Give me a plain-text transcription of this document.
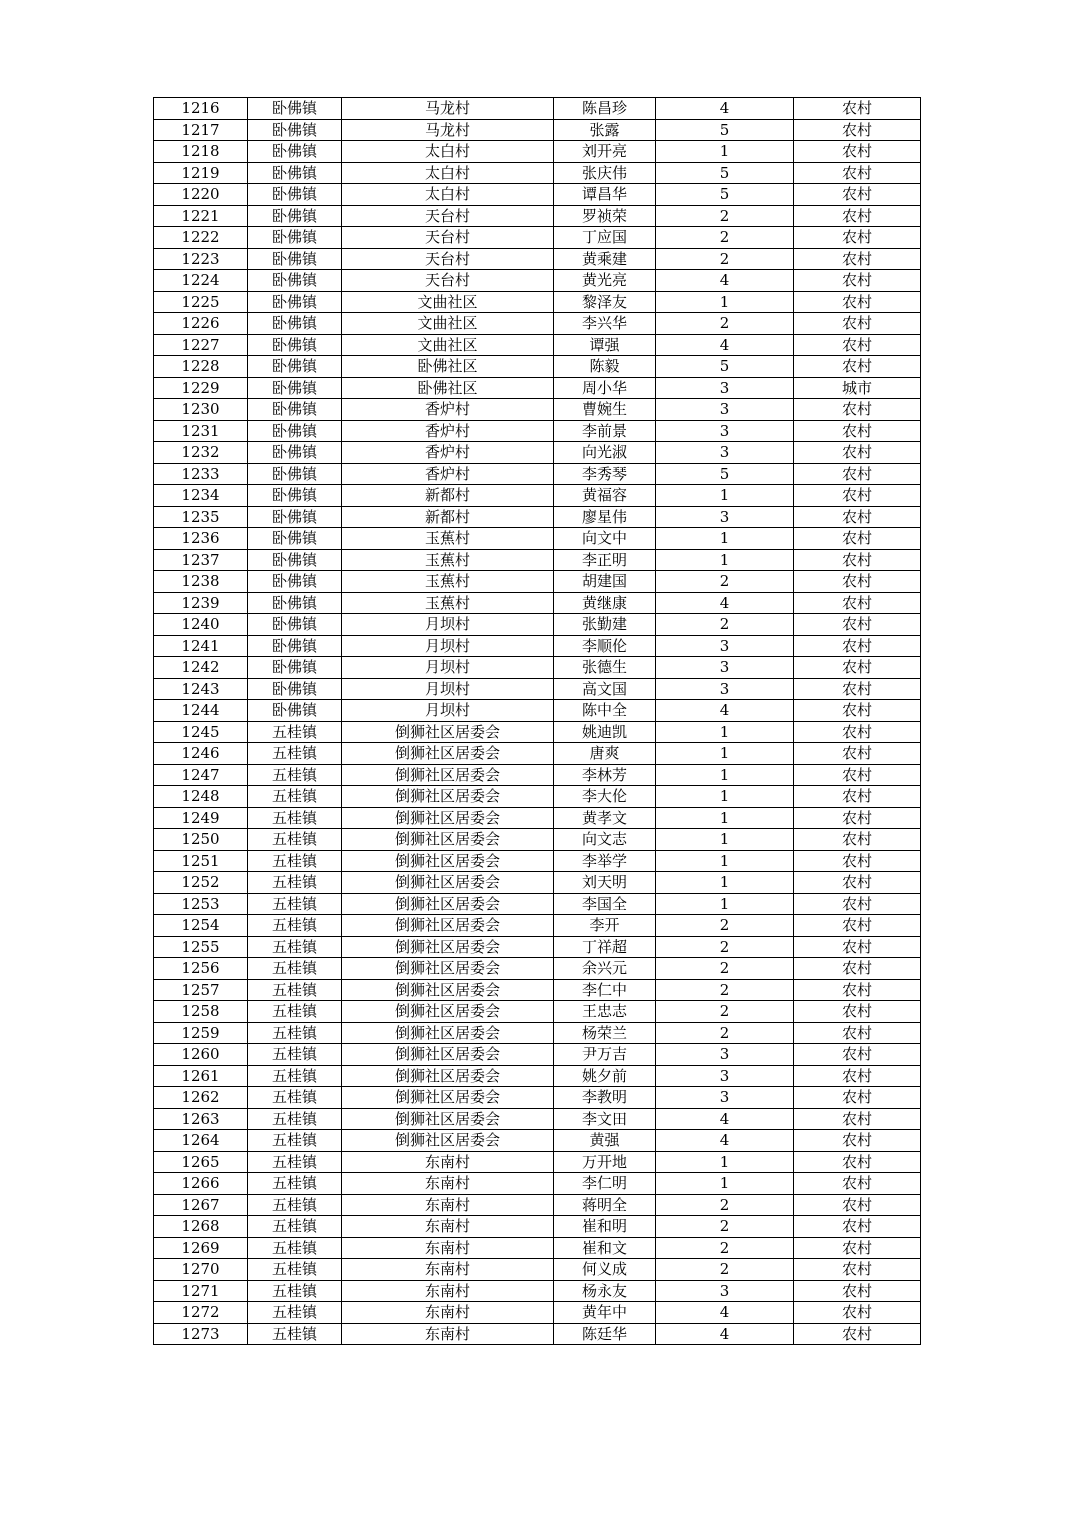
1216	卧佛镇	马龙村	陈昌珍	4	农村
1217	卧佛镇	马龙村	张露	5	农村
1218	卧佛镇	太白村	刘开亮	1	农村
1219	卧佛镇	太白村	张庆伟	5	农村
1220	卧佛镇	太白村	谭昌华	5	农村
1221	卧佛镇	天台村	罗祯荣	2	农村
1222	卧佛镇	天台村	丁应国	2	农村
1223	卧佛镇	天台村	黄乘建	2	农村
1224	卧佛镇	天台村	黄光亮	4	农村
1225	卧佛镇	文曲社区	黎泽友	1	农村
1226	卧佛镇	文曲社区	李兴华	2	农村
1227	卧佛镇	文曲社区	谭强	4	农村
1228	卧佛镇	卧佛社区	陈毅	5	农村
1229	卧佛镇	卧佛社区	周小华	3	城市
1230	卧佛镇	香炉村	曹婉生	3	农村
1231	卧佛镇	香炉村	李前景	3	农村
1232	卧佛镇	香炉村	向光淑	3	农村
1233	卧佛镇	香炉村	李秀琴	5	农村
1234	卧佛镇	新都村	黄福容	1	农村
1235	卧佛镇	新都村	廖星伟	3	农村
1236	卧佛镇	玉蕉村	向文中	1	农村
1237	卧佛镇	玉蕉村	李正明	1	农村
1238	卧佛镇	玉蕉村	胡建国	2	农村
1239	卧佛镇	玉蕉村	黄继康	4	农村
1240	卧佛镇	月坝村	张勤建	2	农村
1241	卧佛镇	月坝村	李顺伦	3	农村
1242	卧佛镇	月坝村	张德生	3	农村
1243	卧佛镇	月坝村	高文国	3	农村
1244	卧佛镇	月坝村	陈中全	4	农村
1245	五桂镇	倒狮社区居委会	姚迪凯	1	农村
1246	五桂镇	倒狮社区居委会	唐爽	1	农村
1247	五桂镇	倒狮社区居委会	李林芳	1	农村
1248	五桂镇	倒狮社区居委会	李大伦	1	农村
1249	五桂镇	倒狮社区居委会	黄孝文	1	农村
1250	五桂镇	倒狮社区居委会	向文志	1	农村
1251	五桂镇	倒狮社区居委会	李举学	1	农村
1252	五桂镇	倒狮社区居委会	刘天明	1	农村
1253	五桂镇	倒狮社区居委会	李国全	1	农村
1254	五桂镇	倒狮社区居委会	李开	2	农村
1255	五桂镇	倒狮社区居委会	丁祥超	2	农村
1256	五桂镇	倒狮社区居委会	余兴元	2	农村
1257	五桂镇	倒狮社区居委会	李仁中	2	农村
1258	五桂镇	倒狮社区居委会	王忠志	2	农村
1259	五桂镇	倒狮社区居委会	杨荣兰	2	农村
1260	五桂镇	倒狮社区居委会	尹万吉	3	农村
1261	五桂镇	倒狮社区居委会	姚夕前	3	农村
1262	五桂镇	倒狮社区居委会	李教明	3	农村
1263	五桂镇	倒狮社区居委会	李文田	4	农村
1264	五桂镇	倒狮社区居委会	黄强	4	农村
1265	五桂镇	东南村	万开地	1	农村
1266	五桂镇	东南村	李仁明	1	农村
1267	五桂镇	东南村	蒋明全	2	农村
1268	五桂镇	东南村	崔和明	2	农村
1269	五桂镇	东南村	崔和文	2	农村
1270	五桂镇	东南村	何义成	2	农村
1271	五桂镇	东南村	杨永友	3	农村
1272	五桂镇	东南村	黄年中	4	农村
1273	五桂镇	东南村	陈廷华	4	农村
